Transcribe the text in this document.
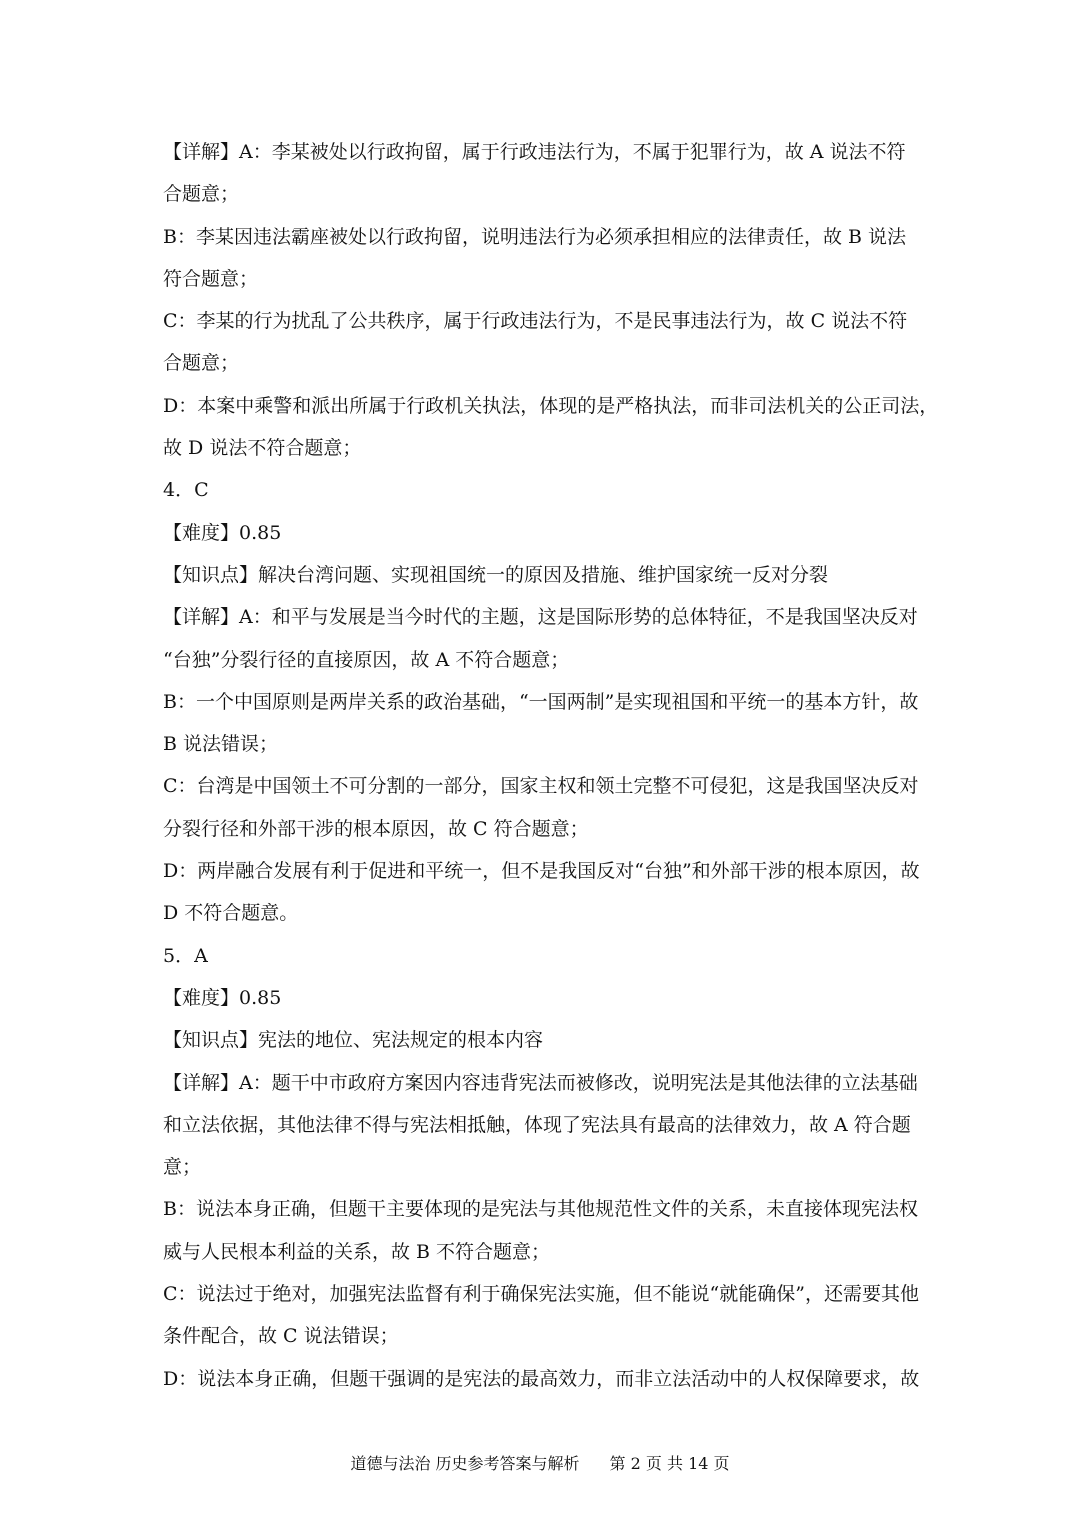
【详解】A：李某被处以行政拘留，属于行政违法行为，不属于犯罪行为，故 A 说法不符
合题意；
B：李某因违法霸座被处以行政拘留，说明违法行为必须承担相应的法律责任，故 B 说法
符合题意；
C：李某的行为扰乱了公共秩序，属于行政违法行为，不是民事违法行为，故 C 说法不符
合题意；
D：本案中乘警和派出所属于行政机关执法，体现的是严格执法，而非司法机关的公正司法，
故 D 说法不符合题意；
4．C
【难度】0.85
【知识点】解决台湾问题、实现祖国统一的原因及措施、维护国家统一反对分裂
【详解】A：和平与发展是当今时代的主题，这是国际形势的总体特征，不是我国坚决反对
“台独”分裂行径的直接原因，故 A 不符合题意；
B：一个中国原则是两岸关系的政治基础，“一国两制”是实现祖国和平统一的基本方针，故
B 说法错误；
C：台湾是中国领土不可分割的一部分，国家主权和领土完整不可侵犯，这是我国坚决反对
分裂行径和外部干涉的根本原因，故 C 符合题意；
D：两岸融合发展有利于促进和平统一，但不是我国反对“台独”和外部干涉的根本原因，故
D 不符合题意。
5．A
【难度】0.85
【知识点】宪法的地位、宪法规定的根本内容
【详解】A：题干中市政府方案因内容违背宪法而被修改，说明宪法是其他法律的立法基础
和立法依据，其他法律不得与宪法相抵触，体现了宪法具有最高的法律效力，故 A 符合题
意；
B：说法本身正确，但题干主要体现的是宪法与其他规范性文件的关系，未直接体现宪法权
威与人民根本利益的关系，故 B 不符合题意；
C：说法过于绝对，加强宪法监督有利于确保宪法实施，但不能说“就能确保”，还需要其他
条件配合，故 C 说法错误；
D：说法本身正确，但题干强调的是宪法的最高效力，而非立法活动中的人权保障要求，故
道德与法治 历史参考答案与解析 第 2 页 共 14 页
